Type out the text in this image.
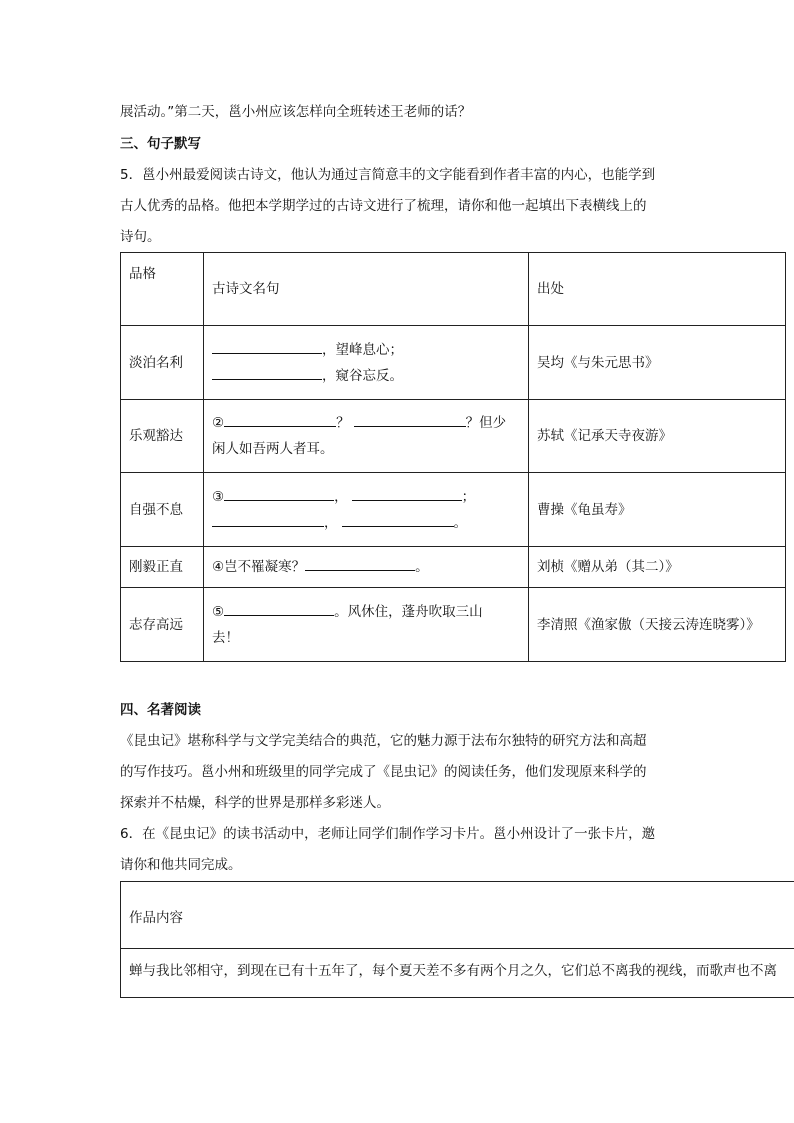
展活动。”第二天，邕小州应该怎样向全班转述王老师的话？
三、句子默写
5．邕小州最爱阅读古诗文，他认为通过言简意丰的文字能看到作者丰富的内心，也能学到
古人优秀的品格。他把本学期学过的古诗文进行了梳理，请你和他一起填出下表横线上的
诗句。
品格	古诗文名句	出处
淡泊名利	，望峰息心；
，窥谷忘反。	吴均《与朱元思书》
乐观豁达	② ？ ？但少
闲人如吾两人者耳。	苏轼《记承天寺夜游》
自强不息	③ ， ；
， 。	曹操《龟虽寿》
刚毅正直	④岂不罹凝寒？ 。	刘桢《赠从弟（其二）》
志存高远	⑤ 。风休住，蓬舟吹取三山
去！	李清照《渔家傲（天接云涛连晓雾）》
四、名著阅读
《昆虫记》堪称科学与文学完美结合的典范，它的魅力源于法布尔独特的研究方法和高超
的写作技巧。邕小州和班级里的同学完成了《昆虫记》的阅读任务，他们发现原来科学的
探索并不枯燥，科学的世界是那样多彩迷人。
6．在《昆虫记》的读书活动中，老师让同学们制作学习卡片。邕小州设计了一张卡片，邀
请你和他共同完成。
作品内容
蝉与我比邻相守，到现在已有十五年了，每个夏天差不多有两个月之久，它们总不离我的视线，而歌声也不离
